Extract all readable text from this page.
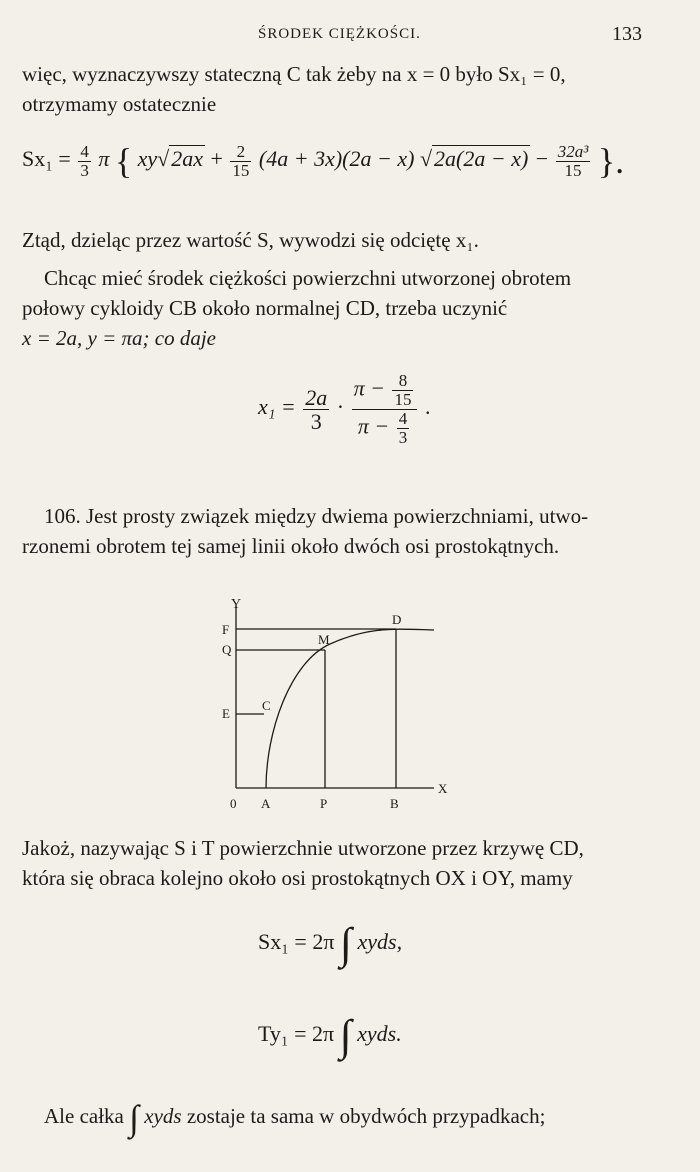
ŚRODEK CIĘŻKOŚCI.	133
więc, wyznaczywszy stateczną C tak żeby na x = 0 było Sx₁ = 0,
otrzymamy ostatecznie
$Sx_1 = \frac{4}{3}$ π { $xy√2ax + \frac{2}{15} (4a + 3x)(2a - x) √2a(2a - x) - \frac{\text{32a³}}{15}$ }.
Ztąd, dzieląc przez wartość S, wywodzi się odciętę x₁.
Chcąc mieć środek ciężkości powierzchni utworzonej obrotem
połowy cykloidy CB około normalnej CD, trzeba uczynić
x = 2a, y = πa; co daje
$x_1 = \frac{2a}{3} \cdot \frac{\pi - \frac{8}{15}}{\pi - \frac{4}{3}}$ .
106. Jest prosty związek między dwiema powierzchniami, utwo-
rzonemi obrotem tej samej linii około dwóch osi prostokątnych.
Y
F
Q
E
C
M
D
0 A	P	B
X
Jakoż, nazywając S i T powierzchnie utworzone przez krzywę CD,
która się obraca kolejno około osi prostokątnych OX i OY, mamy
Sx₁ = 2π ∫ xyds,
Ty₁ = 2π ∫ xyds.
Ale całka ∫ xyds zostaje ta sama w obydwóch przypadkach;
